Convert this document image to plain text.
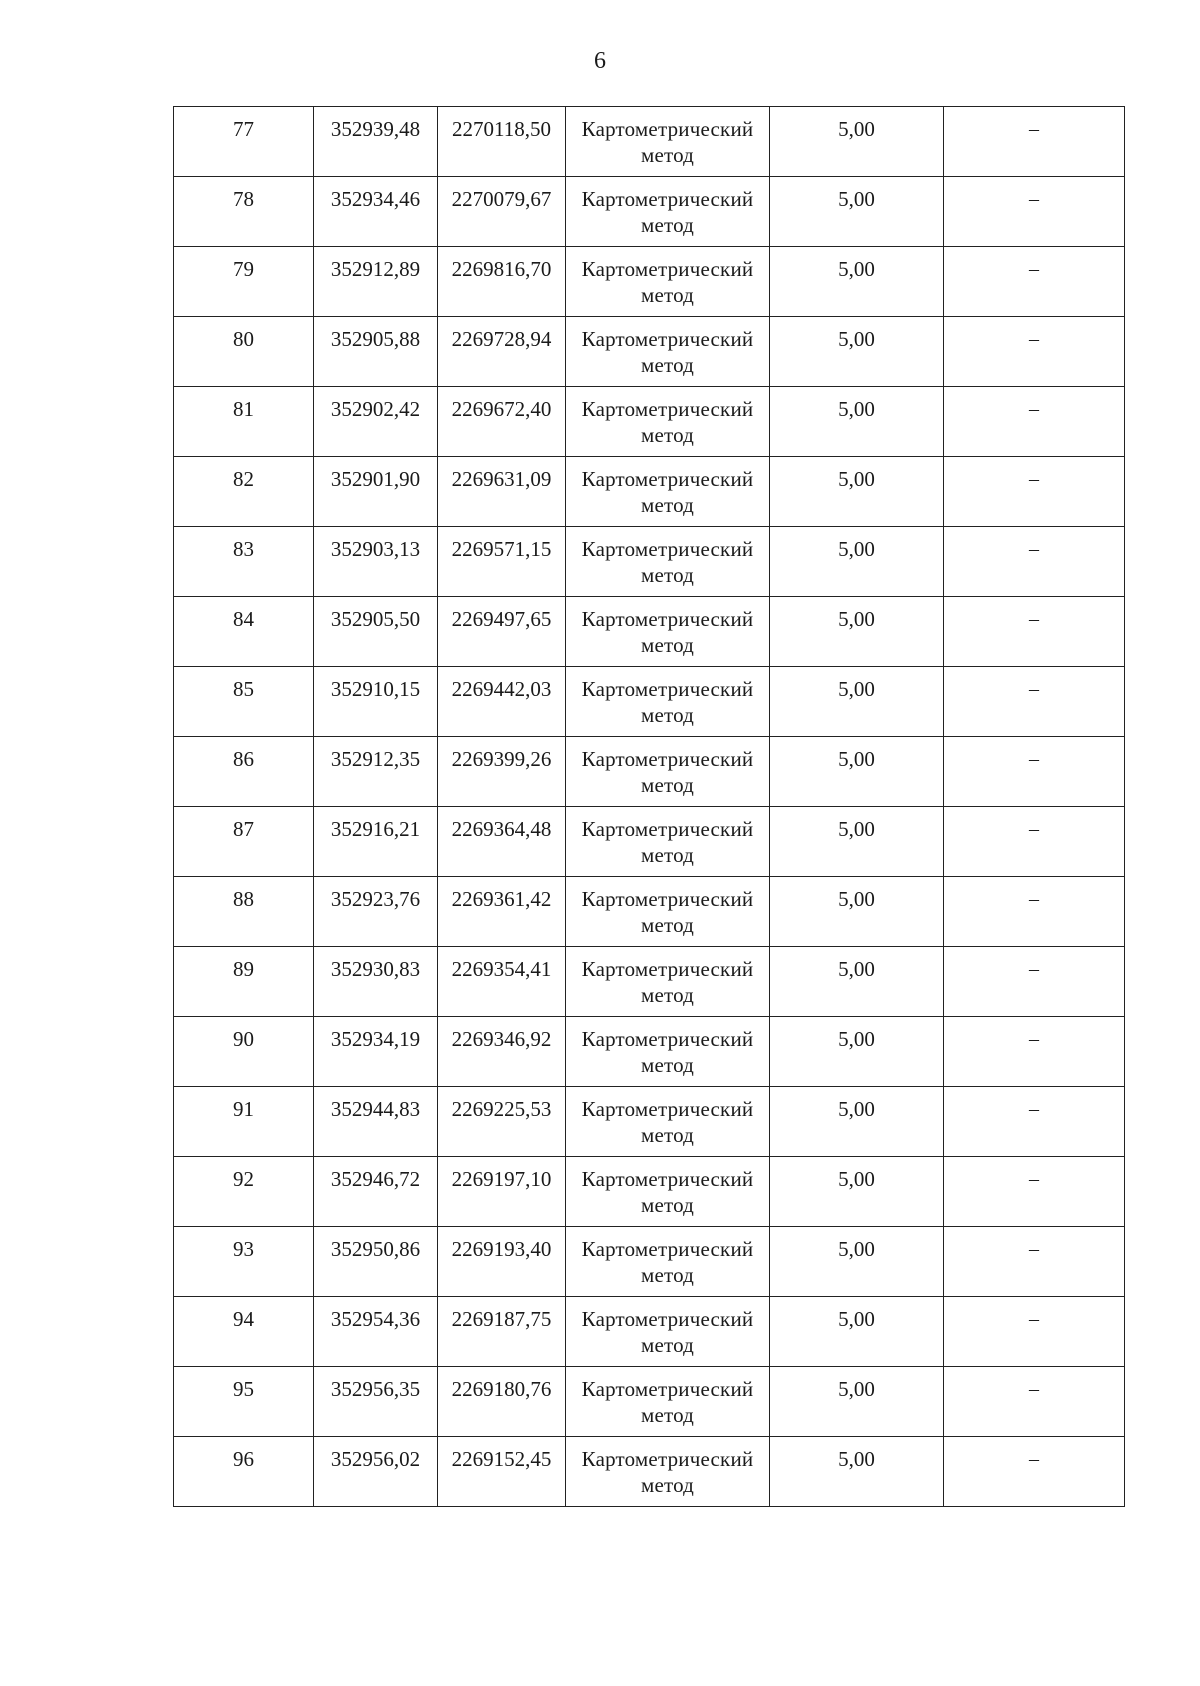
6
77	352939,48	2270118,50	Картометрический метод	5,00	–
78	352934,46	2270079,67	Картометрический метод	5,00	–
79	352912,89	2269816,70	Картометрический метод	5,00	–
80	352905,88	2269728,94	Картометрический метод	5,00	–
81	352902,42	2269672,40	Картометрический метод	5,00	–
82	352901,90	2269631,09	Картометрический метод	5,00	–
83	352903,13	2269571,15	Картометрический метод	5,00	–
84	352905,50	2269497,65	Картометрический метод	5,00	–
85	352910,15	2269442,03	Картометрический метод	5,00	–
86	352912,35	2269399,26	Картометрический метод	5,00	–
87	352916,21	2269364,48	Картометрический метод	5,00	–
88	352923,76	2269361,42	Картометрический метод	5,00	–
89	352930,83	2269354,41	Картометрический метод	5,00	–
90	352934,19	2269346,92	Картометрический метод	5,00	–
91	352944,83	2269225,53	Картометрический метод	5,00	–
92	352946,72	2269197,10	Картометрический метод	5,00	–
93	352950,86	2269193,40	Картометрический метод	5,00	–
94	352954,36	2269187,75	Картометрический метод	5,00	–
95	352956,35	2269180,76	Картометрический метод	5,00	–
96	352956,02	2269152,45	Картометрический метод	5,00	–
